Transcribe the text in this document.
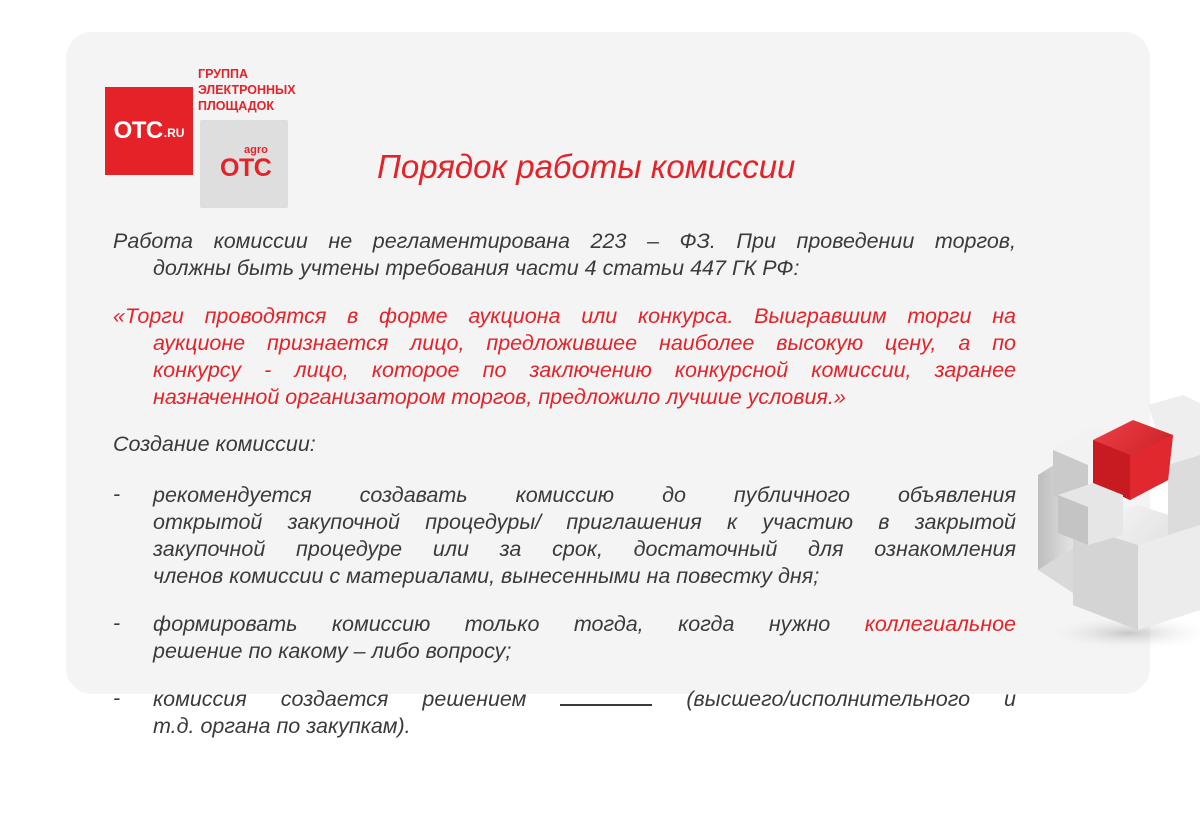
OTC .RU
ГРУППА
ЭЛЕКТРОННЫХ
ПЛОЩАДОК
agro
OTC	Порядок работы комиссии

Работа комиссии не регламентирована 223 – ФЗ. При проведении торгов,

должны быть учтены требования части 4 статьи 447 ГК РФ:

«Торги проводятся в форме аукциона или конкурса. Выигравшим торги на

аукционе признается лицо, предложившее наиболее высокую цену, а по

конкурсу - лицо, которое по заключению конкурсной комиссии, заранее

назначенной организатором торгов, предложило лучшие условия.»

Создание комиссии:

- рекомендуется создавать комиссию до публичного объявления
открытой закупочной процедуры/ приглашения к участию в закрытой
закупочной процедуре или за срок, достаточный для ознакомления
членов комиссии с материалами, вынесенными на повестку дня;
- формировать комиссию только тогда, когда нужно коллегиальное
решение по какому – либо вопросу;
- комиссия создается решением	(высшего/исполнительного и
т.д. органа по закупкам).
